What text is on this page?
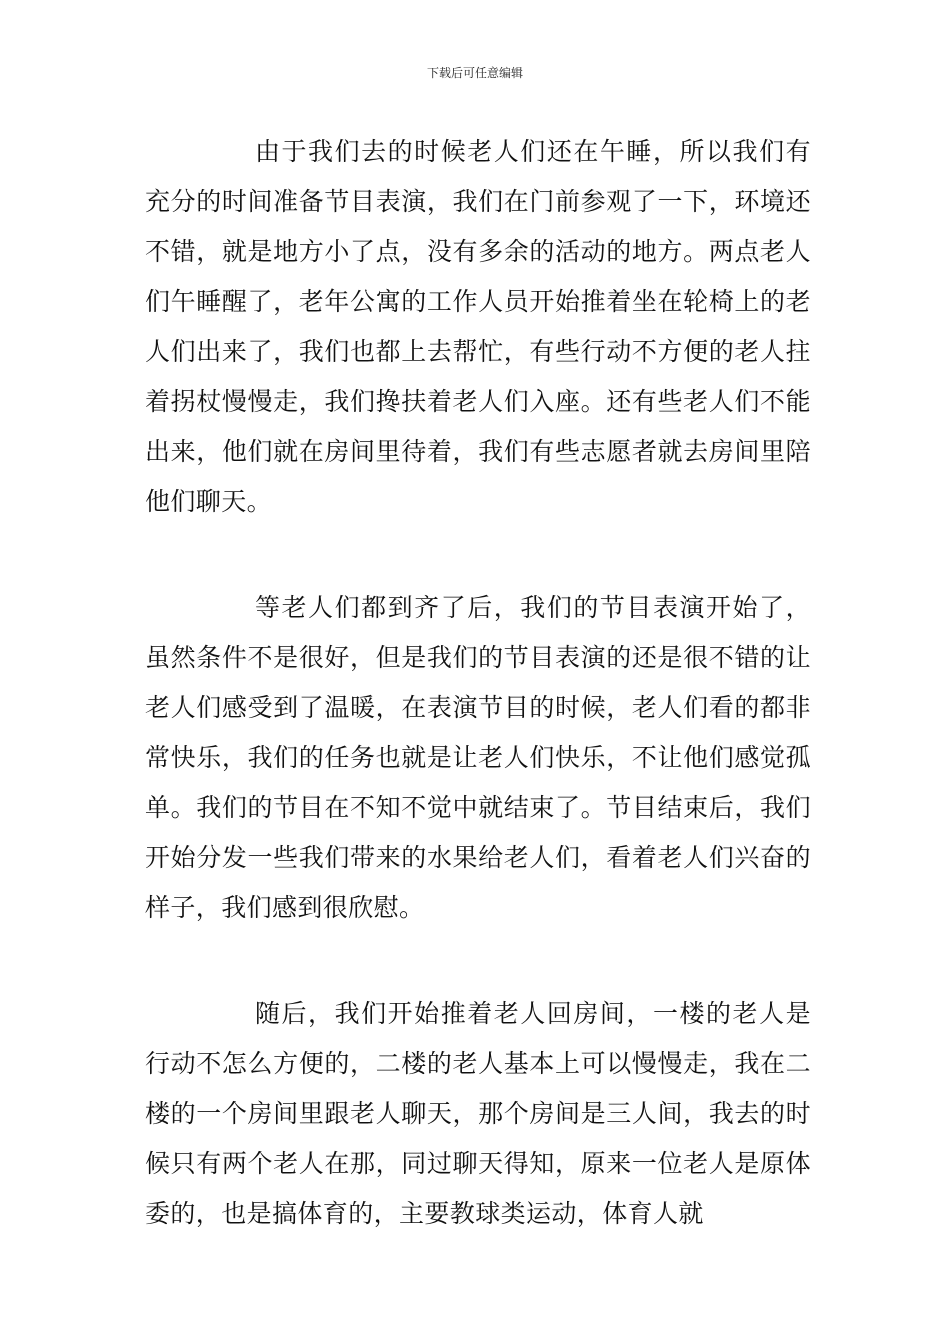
下载后可任意编辑

由于我们去的时候老人们还在午睡，所以我们有充分的时间准备节目表演，我们在门前参观了一下，环境还不错，就是地方小了点，没有多余的活动的地方。两点老人们午睡醒了，老年公寓的工作人员开始推着坐在轮椅上的老人们出来了，我们也都上去帮忙，有些行动不方便的老人拄着拐杖慢慢走，我们搀扶着老人们入座。还有些老人们不能出来，他们就在房间里待着，我们有些志愿者就去房间里陪他们聊天。

等老人们都到齐了后，我们的节目表演开始了，虽然条件不是很好，但是我们的节目表演的还是很不错的让老人们感受到了温暖，在表演节目的时候，老人们看的都非常快乐，我们的任务也就是让老人们快乐，不让他们感觉孤单。我们的节目在不知不觉中就结束了。节目结束后，我们开始分发一些我们带来的水果给老人们，看着老人们兴奋的样子，我们感到很欣慰。

随后，我们开始推着老人回房间，一楼的老人是行动不怎么方便的，二楼的老人基本上可以慢慢走，我在二楼的一个房间里跟老人聊天，那个房间是三人间，我去的时候只有两个老人在那，同过聊天得知，原来一位老人是原体委的，也是搞体育的，主要教球类运动，体育人就
